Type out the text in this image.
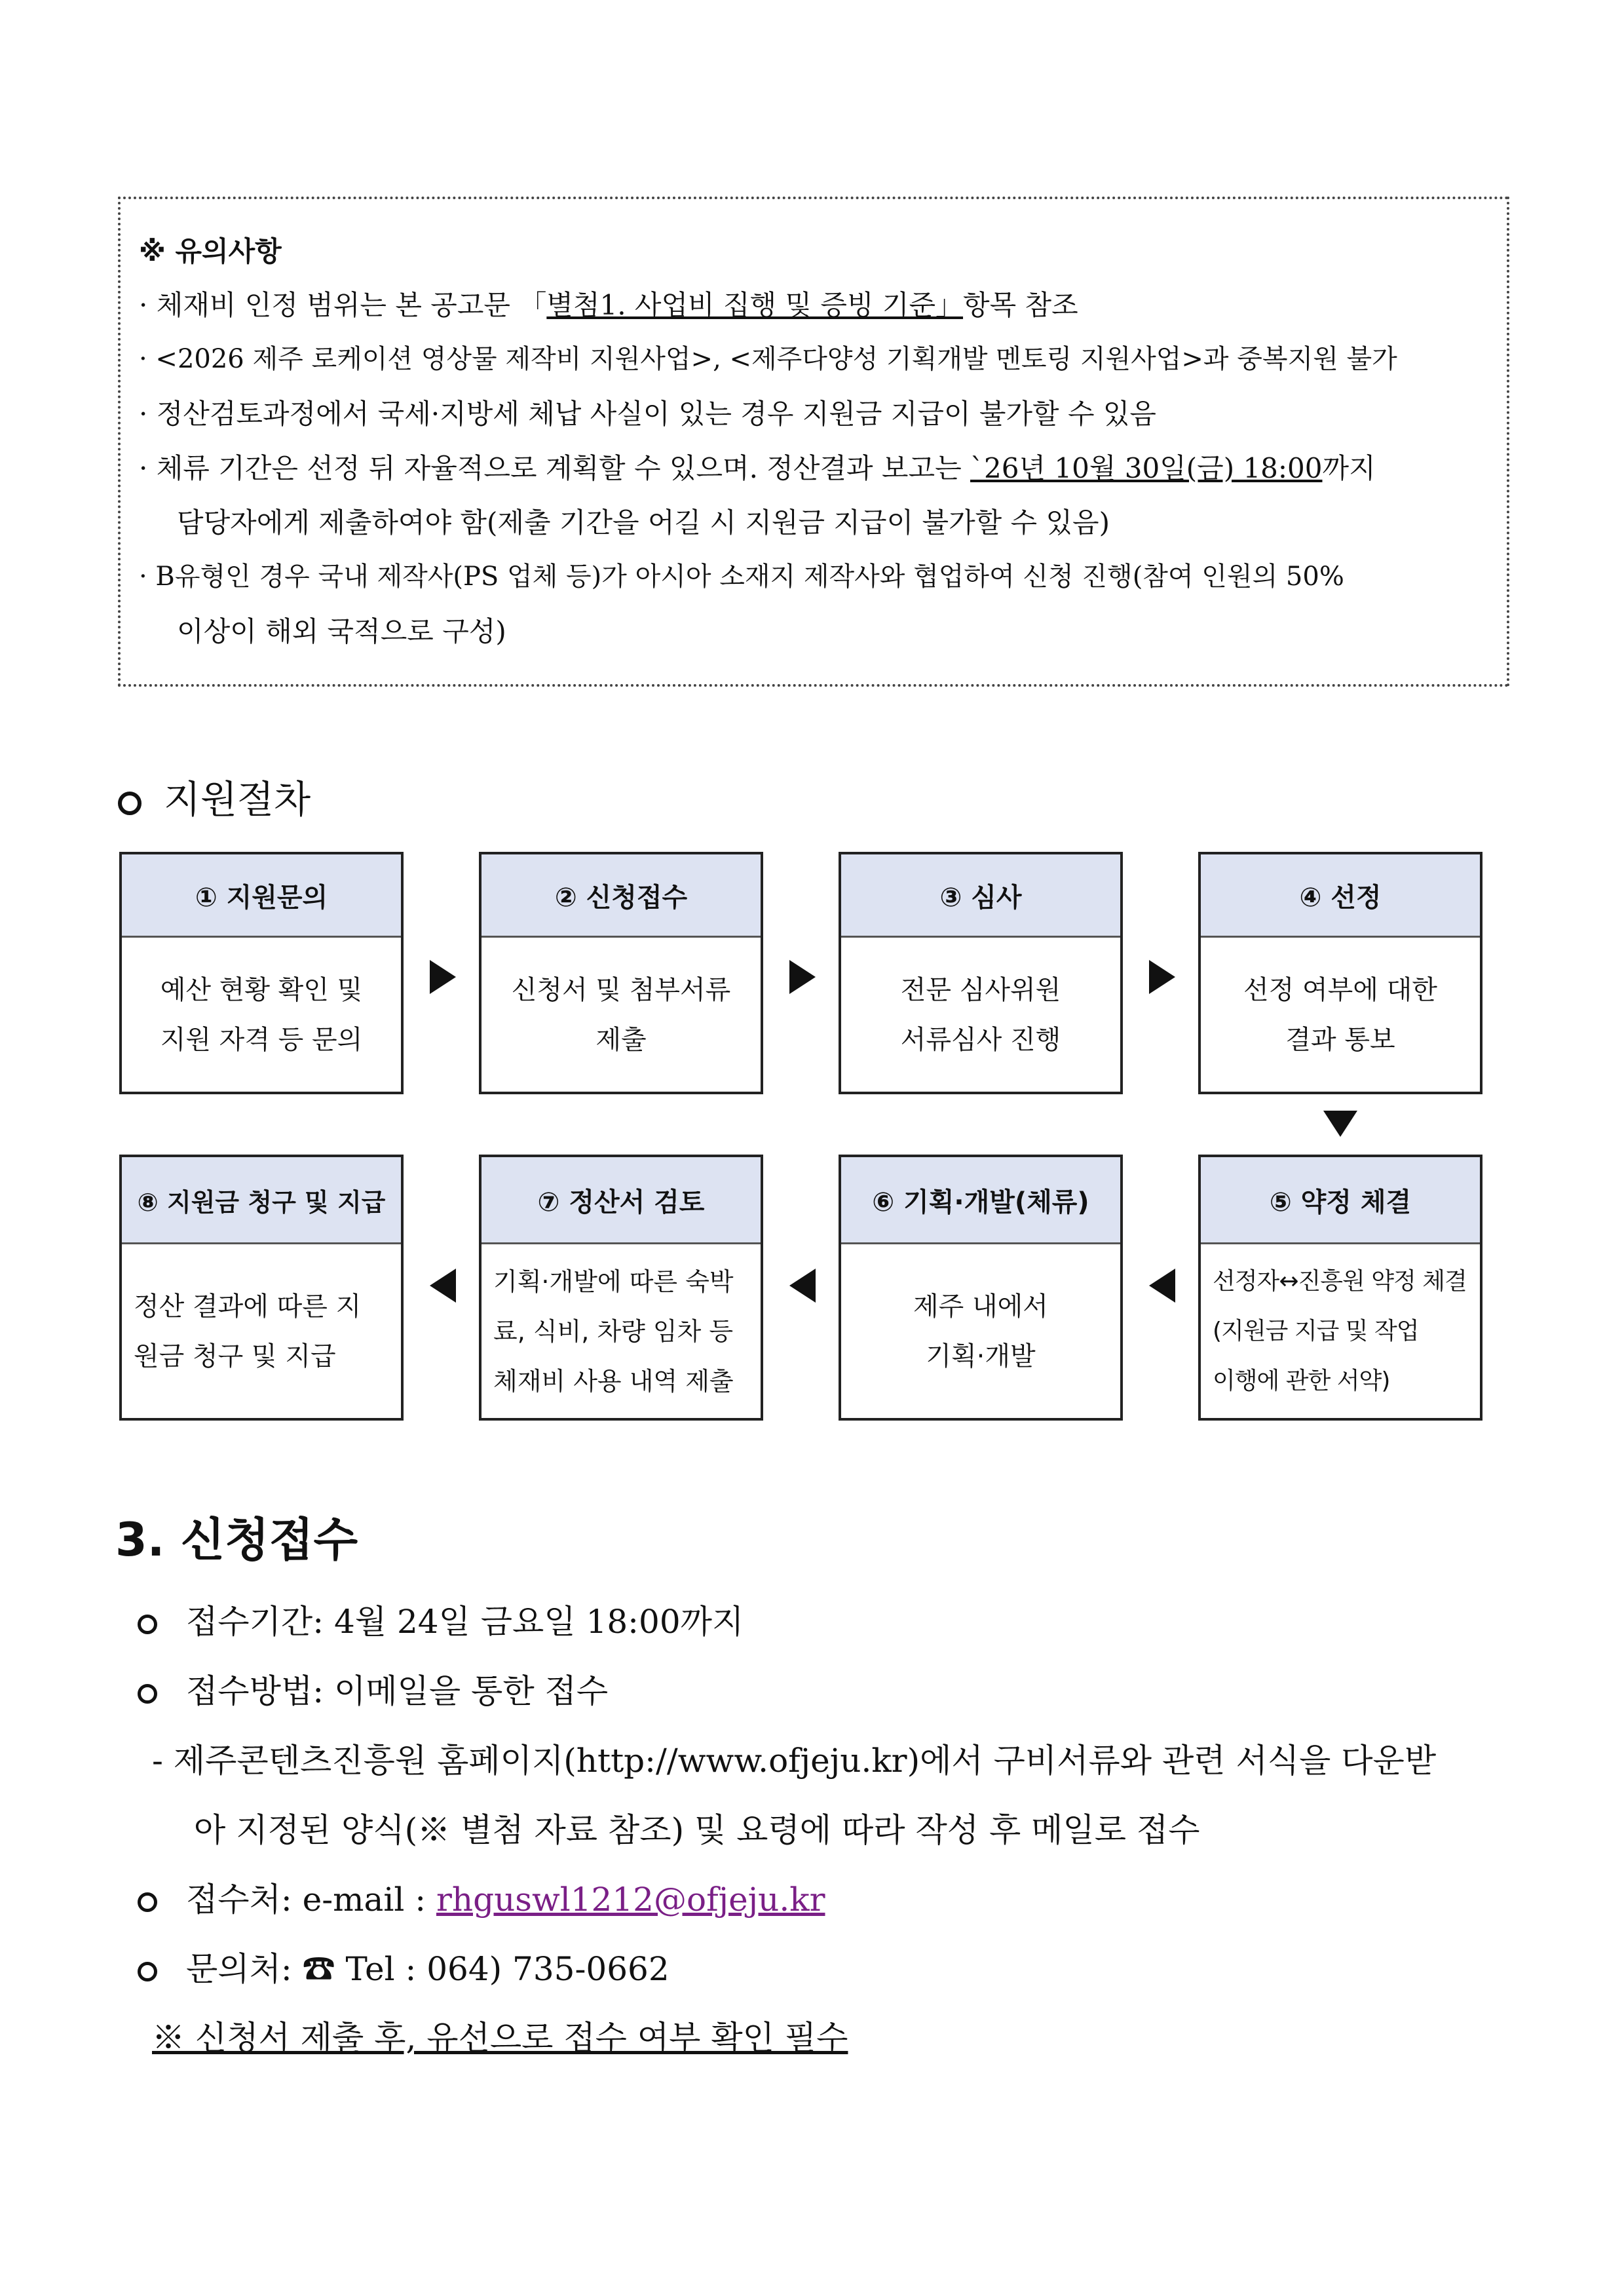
※ 유의사항
· 체재비 인정 범위는 본 공고문 「별첨1. 사업비 집행 및 증빙 기준」항목 참조
· <2026 제주 로케이션 영상물 제작비 지원사업>, <제주다양성 기획개발 멘토링 지원사업>과 중복지원 불가
· 정산검토과정에서 국세·지방세 체납 사실이 있는 경우 지원금 지급이 불가할 수 있음
· 체류 기간은 선정 뒤 자율적으로 계획할 수 있으며. 정산결과 보고는 `26년 10월 30일(금) 18:00까지
담당자에게 제출하여야 함(제출 기간을 어길 시 지원금 지급이 불가할 수 있음)
· B유형인 경우 국내 제작사(PS 업체 등)가 아시아 소재지 제작사와 협업하여 신청 진행(참여 인원의 50%
이상이 해외 국적으로 구성)
지원절차
① 지원문의
예산 현황 확인 및
지원 자격 등 문의
② 신청접수
신청서 및 첨부서류
제출
③ 심사
전문 심사위원
서류심사 진행
④ 선정
선정 여부에 대한
결과 통보
⑧ 지원금 청구 및 지급
정산 결과에 따른 지
원금 청구 및 지급
⑦ 정산서 검토
기획·개발에 따른 숙박
료, 식비, 차량 임차 등
체재비 사용 내역 제출
⑥ 기획·개발(체류)
제주 내에서
기획·개발
⑤ 약정 체결
선정자↔진흥원 약정 체결
(지원금 지급 및 작업
이행에 관한 서약)
3. 신청접수
접수기간: 4월 24일 금요일 18:00까지
접수방법: 이메일을 통한 접수
- 제주콘텐츠진흥원 홈페이지(http://www.ofjeju.kr)에서 구비서류와 관련 서식을 다운받
아 지정된 양식(※ 별첨 자료 참조) 및 요령에 따라 작성 후 메일로 접수
접수처: e-mail : rhguswl1212@ofjeju.kr
문의처: ☎ Tel : 064) 735-0662
※ 신청서 제출 후, 유선으로 접수 여부 확인 필수
